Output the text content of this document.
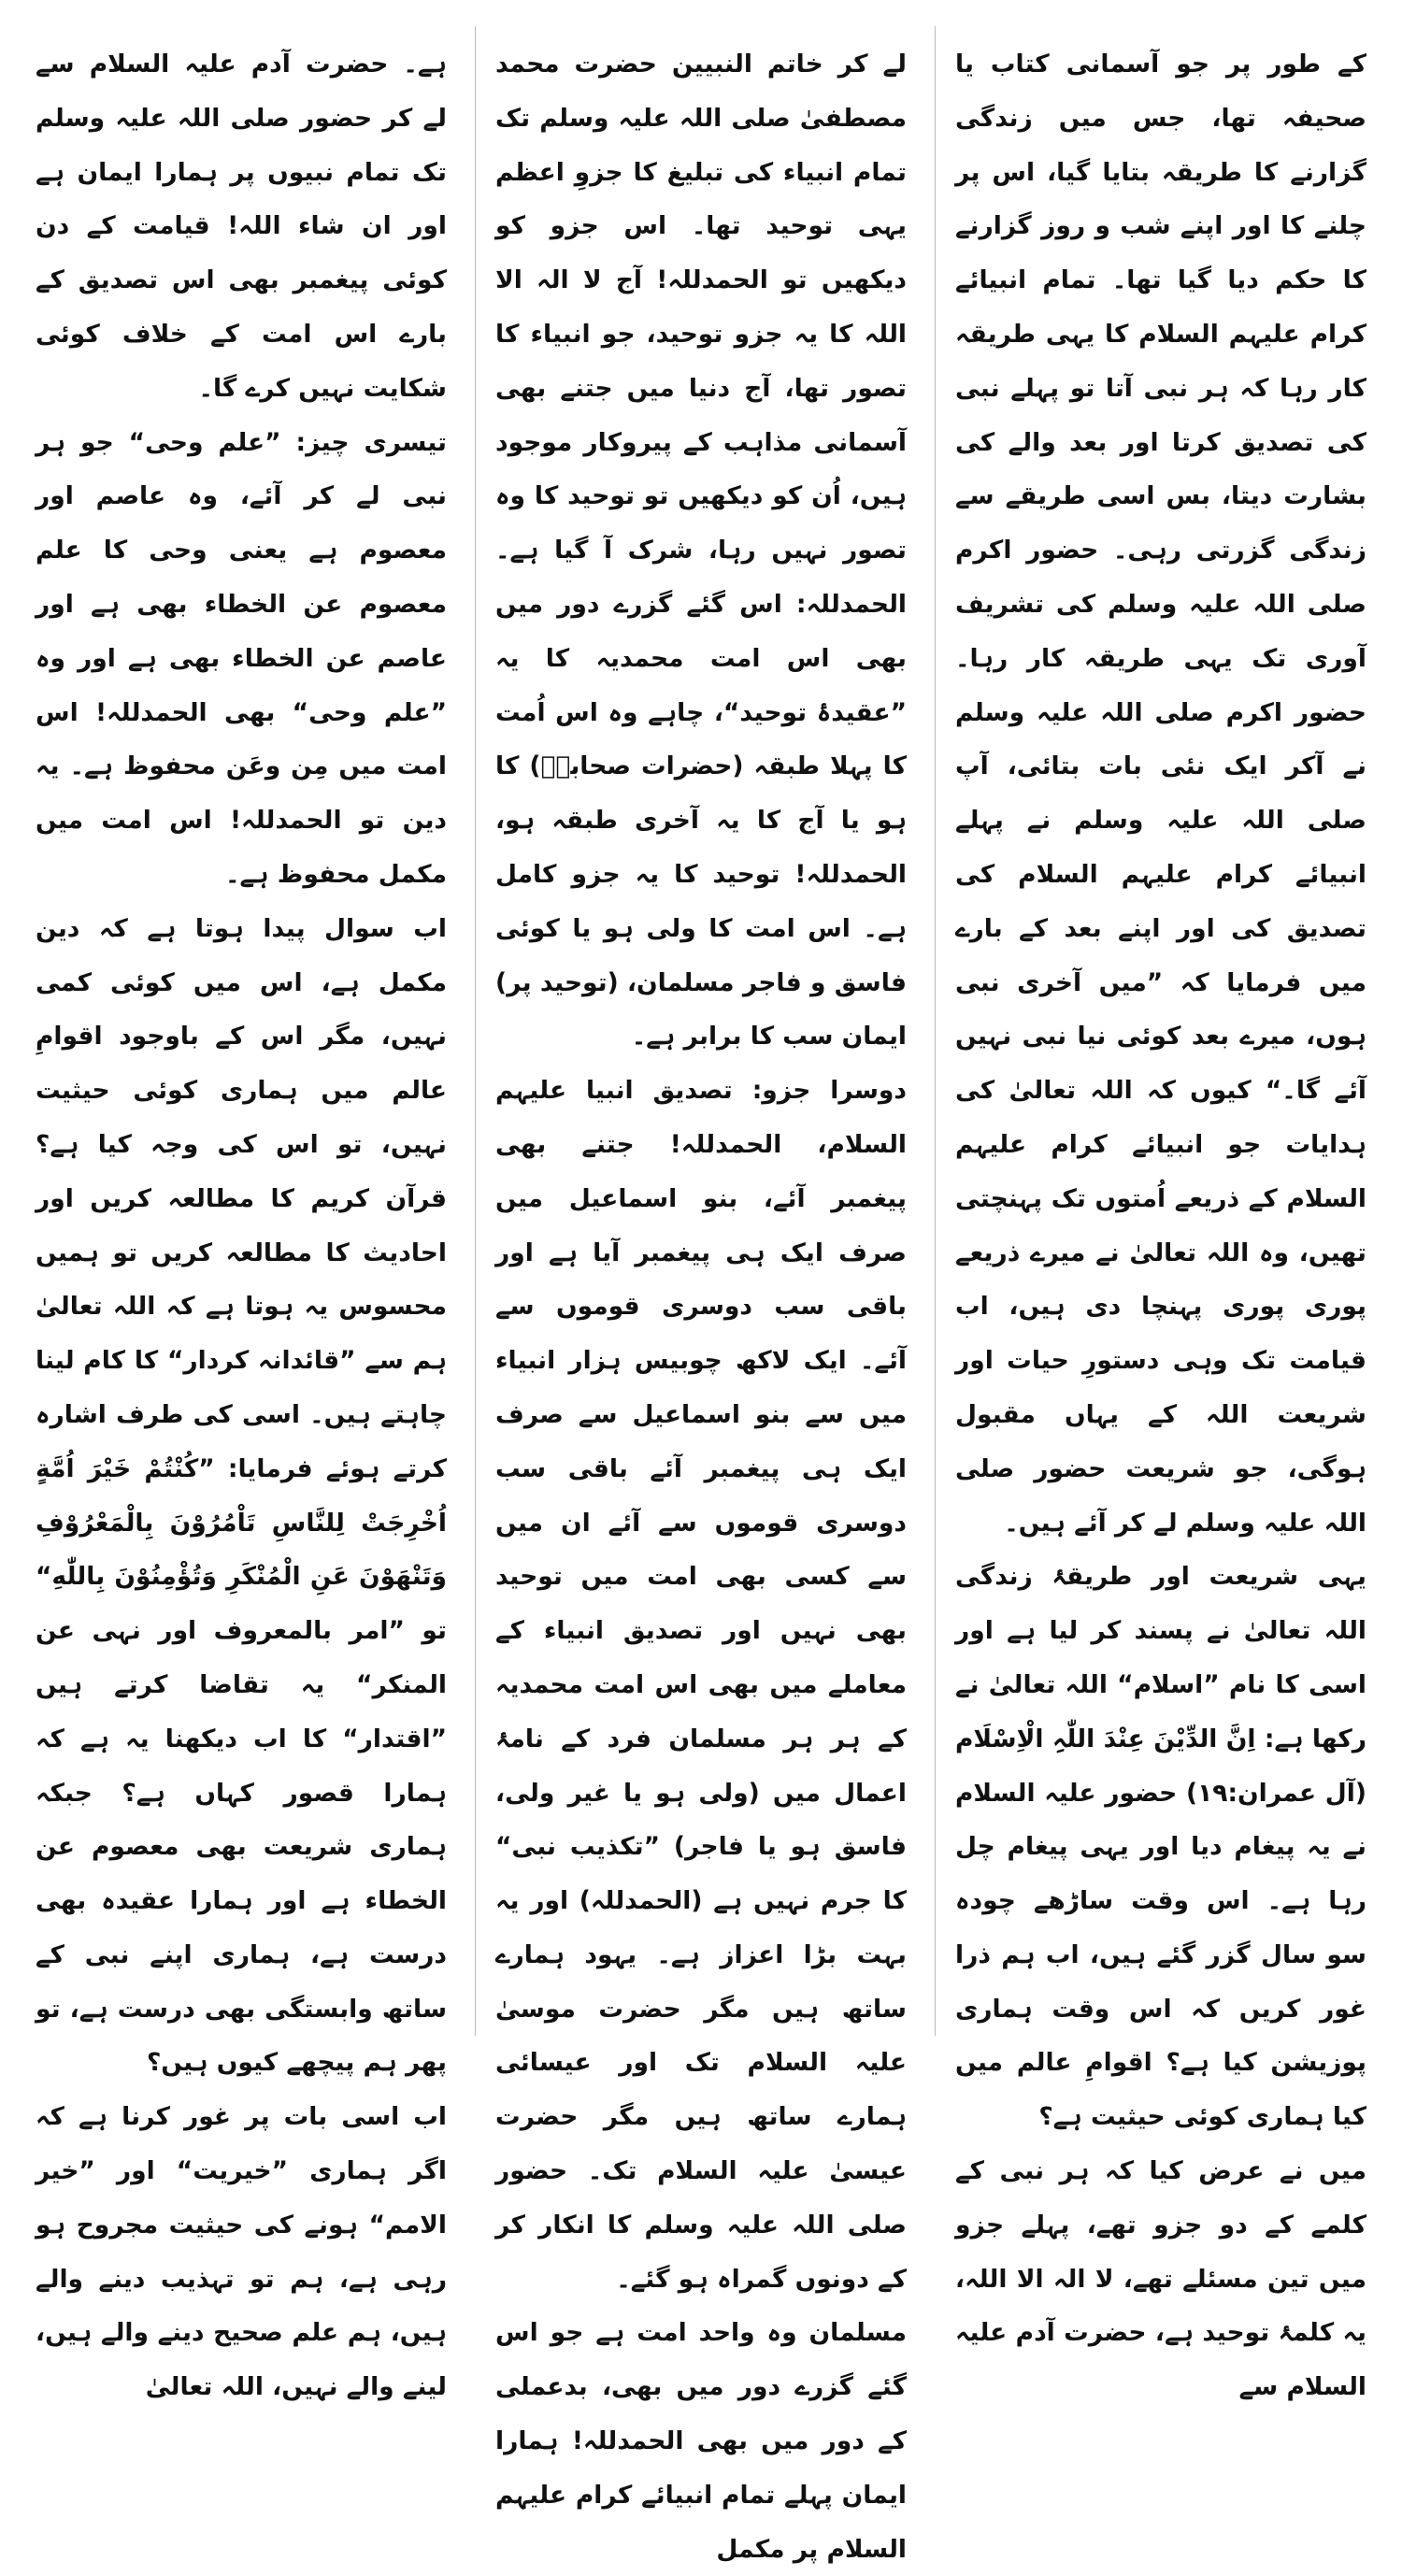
کے طور پر جو آسمانی کتاب یا صحیفہ تھا، جس میں زندگی گزارنے کا طریقہ بتایا گیا، اس پر چلنے کا اور اپنے شب و روز گزارنے کا حکم دیا گیا تھا۔ تمام انبیائے کرام علیہم السلام کا یہی طریقہ کار رہا کہ ہر نبی آتا تو پہلے نبی کی تصدیق کرتا اور بعد والے کی بشارت دیتا، بس اسی طریقے سے زندگی گزرتی رہی۔ حضور اکرم صلی اللہ علیہ وسلم کی تشریف آوری تک یہی طریقہ کار رہا۔ حضور اکرم صلی اللہ علیہ وسلم نے آکر ایک نئی بات بتائی، آپ صلی اللہ علیہ وسلم نے پہلے انبیائے کرام علیہم السلام کی تصدیق کی اور اپنے بعد کے بارے میں فرمایا کہ ”میں آخری نبی ہوں، میرے بعد کوئی نیا نبی نہیں آئے گا۔“ کیوں کہ اللہ تعالیٰ کی ہدایات جو انبیائے کرام علیہم السلام کے ذریعے اُمتوں تک پہنچتی تھیں، وہ اللہ تعالیٰ نے میرے ذریعے پوری پوری پہنچا دی ہیں، اب قیامت تک وہی دستورِ حیات اور شریعت اللہ کے یہاں مقبول ہوگی، جو شریعت حضور صلی اللہ علیہ وسلم لے کر آئے ہیں۔

یہی شریعت اور طریقۂ زندگی اللہ تعالیٰ نے پسند کر لیا ہے اور اسی کا نام ”اسلام“ اللہ تعالیٰ نے رکھا ہے: اِنَّ الدِّیْنَ عِنْدَ اللّٰہِ الْاِسْلَام (آل عمران:۱۹) حضور علیہ السلام نے یہ پیغام دیا اور یہی پیغام چل رہا ہے۔ اس وقت ساڑھے چودہ سو سال گزر گئے ہیں، اب ہم ذرا غور کریں کہ اس وقت ہماری پوزیشن کیا ہے؟ اقوامِ عالم میں کیا ہماری کوئی حیثیت ہے؟

میں نے عرض کیا کہ ہر نبی کے کلمے کے دو جزو تھے، پہلے جزو میں تین مسئلے تھے، لا الہ الا اللہ، یہ کلمۂ توحید ہے، حضرت آدم علیہ السلام سے

لے کر خاتم النبیین حضرت محمد مصطفیٰ صلی اللہ علیہ وسلم تک تمام انبیاء کی تبلیغ کا جزوِ اعظم یہی توحید تھا۔ اس جزو کو دیکھیں تو الحمدللہ! آج لا الہ الا اللہ کا یہ جزو توحید، جو انبیاء کا تصور تھا، آج دنیا میں جتنے بھی آسمانی مذاہب کے پیروکار موجود ہیں، اُن کو دیکھیں تو توحید کا وہ تصور نہیں رہا، شرک آ گیا ہے۔ الحمدللہ: اس گئے گزرے دور میں بھی اس امت محمدیہ کا یہ ”عقیدۂ توحید“، چاہے وہ اس اُمت کا پہلا طبقہ (حضرات صحابہؓ) کا ہو یا آج کا یہ آخری طبقہ ہو، الحمدللہ! توحید کا یہ جزو کامل ہے۔ اس امت کا ولی ہو یا کوئی فاسق و فاجر مسلمان، (توحید پر) ایمان سب کا برابر ہے۔

دوسرا جزو: تصدیق انبیا علیہم السلام، الحمدللہ! جتنے بھی پیغمبر آئے، بنو اسماعیل میں صرف ایک ہی پیغمبر آیا ہے اور باقی سب دوسری قوموں سے آئے۔ ایک لاکھ چوبیس ہزار انبیاء میں سے بنو اسماعیل سے صرف ایک ہی پیغمبر آئے باقی سب دوسری قوموں سے آئے ان میں سے کسی بھی امت میں توحید بھی نہیں اور تصدیق انبیاء کے معاملے میں بھی اس امت محمدیہ کے ہر ہر مسلمان فرد کے نامۂ اعمال میں (ولی ہو یا غیر ولی، فاسق ہو یا فاجر) ”تکذیب نبی“ کا جرم نہیں ہے (الحمدللہ) اور یہ بہت بڑا اعزاز ہے۔ یہود ہمارے ساتھ ہیں مگر حضرت موسیٰ علیہ السلام تک اور عیسائی ہمارے ساتھ ہیں مگر حضرت عیسیٰ علیہ السلام تک۔ حضور صلی اللہ علیہ وسلم کا انکار کر کے دونوں گمراہ ہو گئے۔

مسلمان وہ واحد امت ہے جو اس گئے گزرے دور میں بھی، بدعملی کے دور میں بھی الحمدللہ! ہمارا ایمان پہلے تمام انبیائے کرام علیہم السلام پر مکمل

ہے۔ حضرت آدم علیہ السلام سے لے کر حضور صلی اللہ علیہ وسلم تک تمام نبیوں پر ہمارا ایمان ہے اور ان شاء اللہ! قیامت کے دن کوئی پیغمبر بھی اس تصدیق کے بارے اس امت کے خلاف کوئی شکایت نہیں کرے گا۔

تیسری چیز: ”علم وحی“ جو ہر نبی لے کر آئے، وہ عاصم اور معصوم ہے یعنی وحی کا علم معصوم عن الخطاء بھی ہے اور عاصم عن الخطاء بھی ہے اور وہ ”علم وحی“ بھی الحمدللہ! اس امت میں مِن وعَن محفوظ ہے۔ یہ دین تو الحمدللہ! اس امت میں مکمل محفوظ ہے۔

اب سوال پیدا ہوتا ہے کہ دین مکمل ہے، اس میں کوئی کمی نہیں، مگر اس کے باوجود اقوامِ عالم میں ہماری کوئی حیثیت نہیں، تو اس کی وجہ کیا ہے؟ قرآن کریم کا مطالعہ کریں اور احادیث کا مطالعہ کریں تو ہمیں محسوس یہ ہوتا ہے کہ اللہ تعالیٰ ہم سے ”قائدانہ کردار“ کا کام لینا چاہتے ہیں۔ اسی کی طرف اشارہ کرتے ہوئے فرمایا: ”کُنْتُمْ خَیْرَ اُمَّةٍ اُخْرِجَتْ لِلنَّاسِ تَاْمُرُوْنَ بِالْمَعْرُوْفِ وَتَنْهَوْنَ عَنِ الْمُنْكَرِ وَتُؤْمِنُوْنَ بِاللّٰهِ“ تو ”امر بالمعروف اور نہی عن المنکر“ یہ تقاضا کرتے ہیں ”اقتدار“ کا اب دیکھنا یہ ہے کہ ہمارا قصور کہاں ہے؟ جبکہ ہماری شریعت بھی معصوم عن الخطاء ہے اور ہمارا عقیدہ بھی درست ہے، ہماری اپنے نبی کے ساتھ وابستگی بھی درست ہے، تو پھر ہم پیچھے کیوں ہیں؟

اب اسی بات پر غور کرنا ہے کہ اگر ہماری ”خیریت“ اور ”خیر الامم“ ہونے کی حیثیت مجروح ہو رہی ہے، ہم تو تہذیب دینے والے ہیں، ہم علم صحیح دینے والے ہیں، لینے والے نہیں، اللہ تعالیٰ
